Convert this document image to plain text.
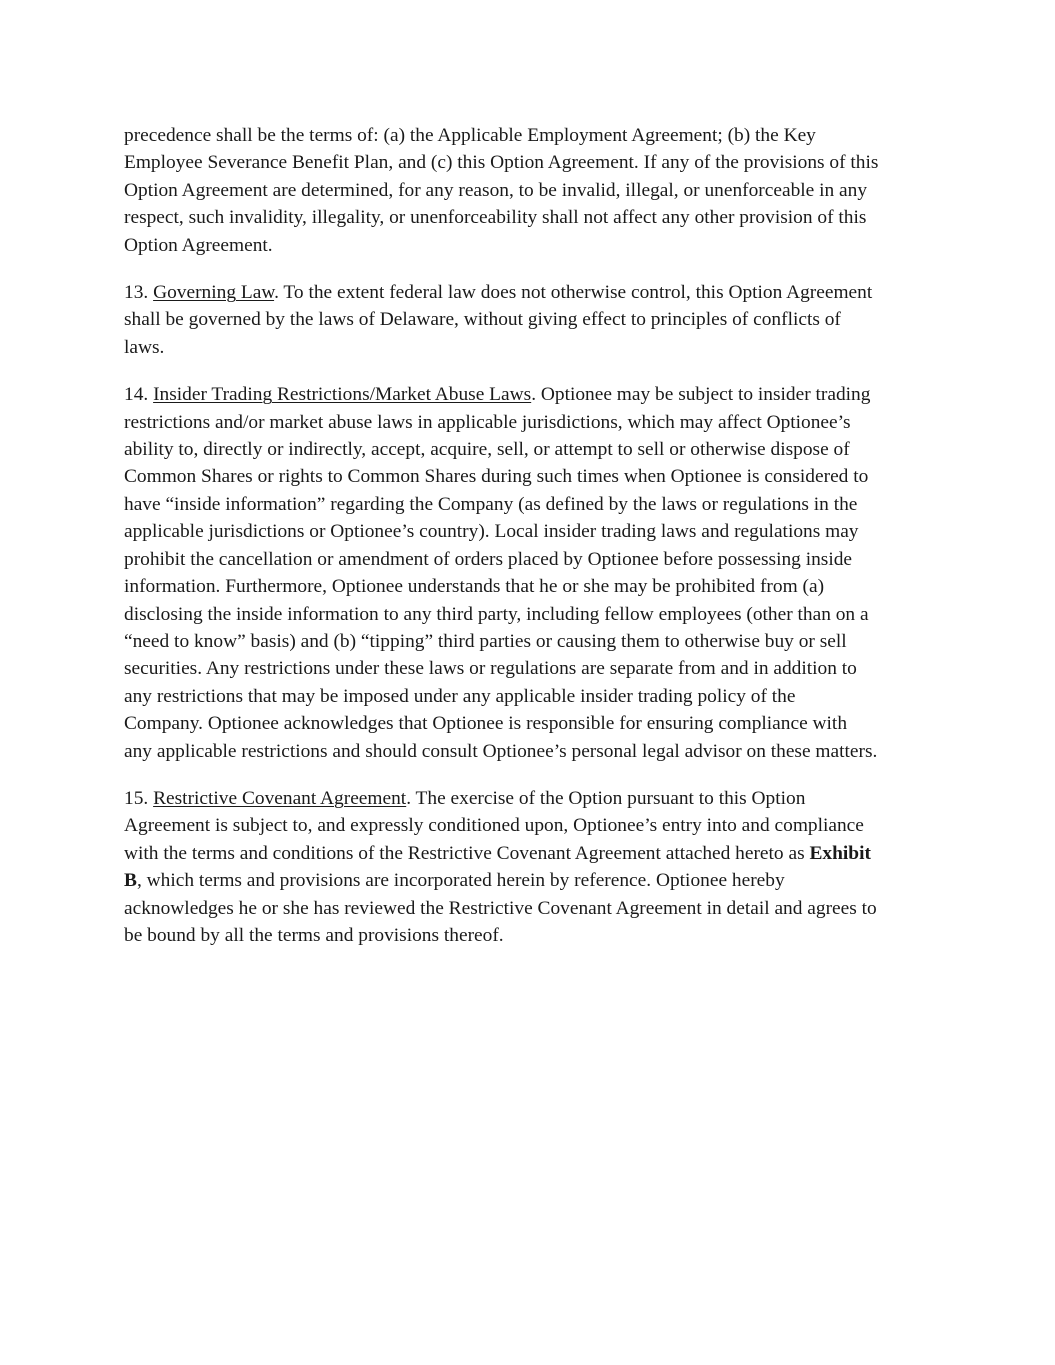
precedence shall be the terms of: (a) the Applicable Employment Agreement; (b) the Key
Employee Severance Benefit Plan, and (c) this Option Agreement. If any of the provisions of this
Option Agreement are determined, for any reason, to be invalid, illegal, or unenforceable in any
respect, such invalidity, illegality, or unenforceability shall not affect any other provision of this
Option Agreement.

13. Governing Law. To the extent federal law does not otherwise control, this Option Agreement
shall be governed by the laws of Delaware, without giving effect to principles of conflicts of
laws.

14. Insider Trading Restrictions/Market Abuse Laws. Optionee may be subject to insider trading
restrictions and/or market abuse laws in applicable jurisdictions, which may affect Optionee’s
ability to, directly or indirectly, accept, acquire, sell, or attempt to sell or otherwise dispose of
Common Shares or rights to Common Shares during such times when Optionee is considered to
have “inside information” regarding the Company (as defined by the laws or regulations in the
applicable jurisdictions or Optionee’s country). Local insider trading laws and regulations may
prohibit the cancellation or amendment of orders placed by Optionee before possessing inside
information. Furthermore, Optionee understands that he or she may be prohibited from (a)
disclosing the inside information to any third party, including fellow employees (other than on a
“need to know” basis) and (b) “tipping” third parties or causing them to otherwise buy or sell
securities. Any restrictions under these laws or regulations are separate from and in addition to
any restrictions that may be imposed under any applicable insider trading policy of the
Company. Optionee acknowledges that Optionee is responsible for ensuring compliance with
any applicable restrictions and should consult Optionee’s personal legal advisor on these matters.

15. Restrictive Covenant Agreement. The exercise of the Option pursuant to this Option
Agreement is subject to, and expressly conditioned upon, Optionee’s entry into and compliance
with the terms and conditions of the Restrictive Covenant Agreement attached hereto as Exhibit
B, which terms and provisions are incorporated herein by reference. Optionee hereby
acknowledges he or she has reviewed the Restrictive Covenant Agreement in detail and agrees to
be bound by all the terms and provisions thereof.
